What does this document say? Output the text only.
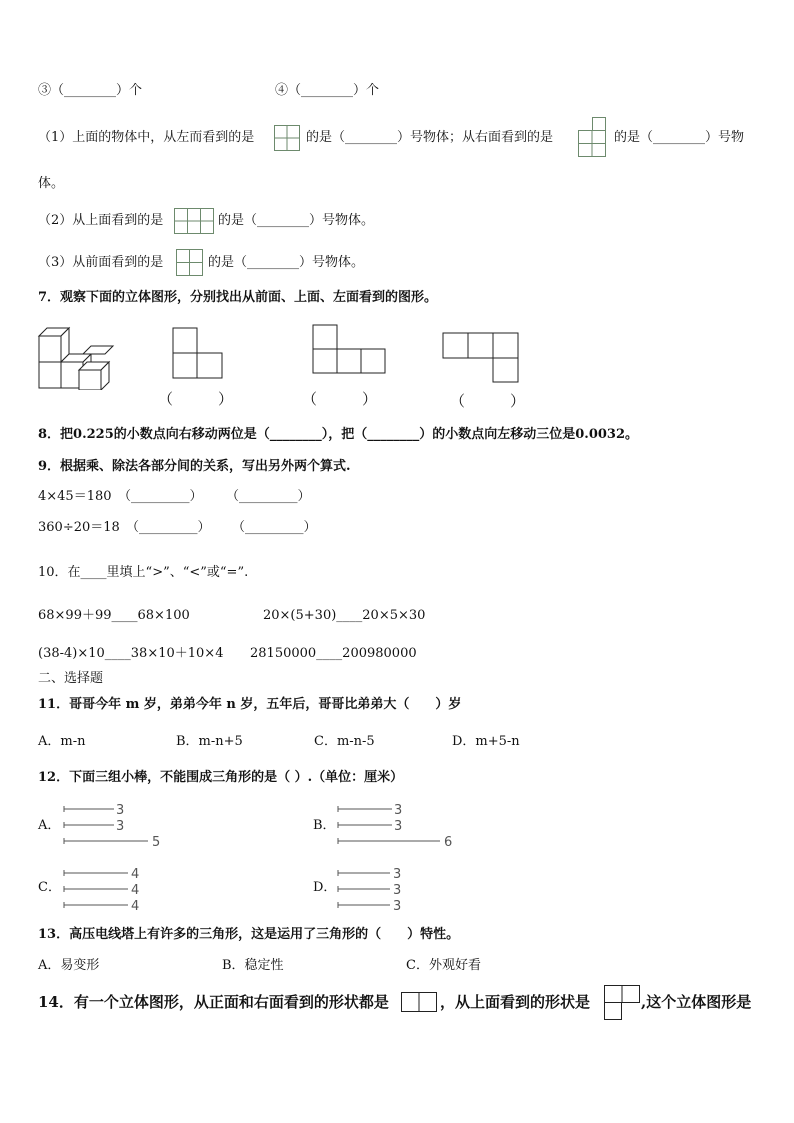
③（________）个	④（________）个
（1）上面的物体中，从左而看到的是	的是（________）号物体；从右面看到的是	的是（________）号物
体。
（2）从上面看到的是	的是（________）号物体。
（3）从前面看到的是	的是（________）号物体。
7．观察下面的立体图形，分别找出从前面、上面、左面看到的图形。
（　　　）	（　　　）	（　　　）
8．把0.225的小数点向右移动两位是（________），把（________）的小数点向左移动三位是0.0032。
9．根据乘、除法各部分间的关系，写出另外两个算式.
4×45＝180 （_________） （_________）
360÷20＝18 （_________） （_________）
10．在____里填上“>”、“<”或“=”.
68×99＋99____68×100	20×(5+30)____20×5×30
(38-4)×10____38×10＋10×4 28150000____200980000
二、选择题
11．哥哥今年 m 岁，弟弟今年 n 岁，五年后，哥哥比弟弟大（　　）岁
A．m-n	B．m-n+5	C．m-n-5	D．m+5-n
12．下面三组小棒，不能围成三角形的是（ ）.（单位：厘米）
A．
3
3
5
B．
3
3
6
C．
4
4
4
D．
3
3
3
13．高压电线塔上有许多的三角形，这是运用了三角形的（　　）特性。
A．易变形	B．稳定性	C．外观好看
14．有一个立体图形，从正面和右面看到的形状都是	，从上面看到的形状是	,这个立体图形是
